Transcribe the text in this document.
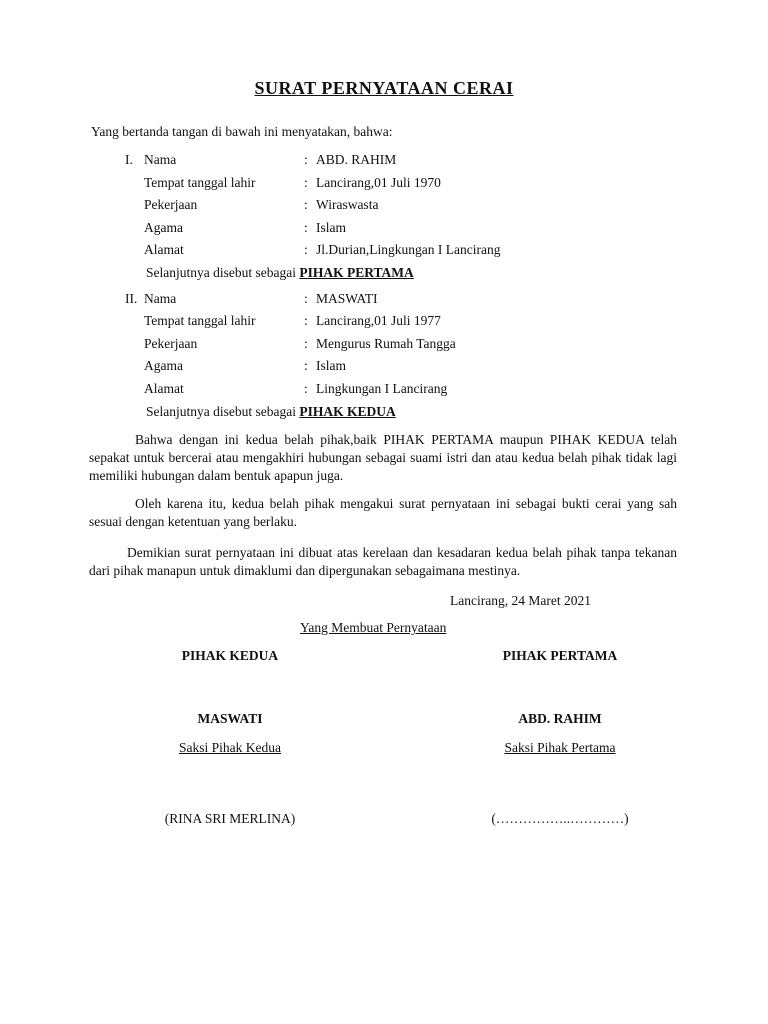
SURAT PERNYATAAN CERAI
Yang bertanda tangan di bawah ini menyatakan, bahwa:
I. Nama	: ABD. RAHIM
Tempat tanggal lahir	: Lancirang,01 Juli 1970
Pekerjaan	: Wiraswasta
Agama	: Islam
Alamat	: Jl.Durian,Lingkungan I Lancirang
Selanjutnya disebut sebagai PIHAK PERTAMA
II. Nama	: MASWATI
Tempat tanggal lahir	: Lancirang,01 Juli 1977
Pekerjaan	: Mengurus Rumah Tangga
Agama	: Islam
Alamat	: Lingkungan I Lancirang
Selanjutnya disebut sebagai PIHAK KEDUA
Bahwa dengan ini kedua belah pihak,baik PIHAK PERTAMA maupun PIHAK KEDUA telah sepakat untuk bercerai atau mengakhiri hubungan sebagai suami istri dan atau kedua belah pihak tidak lagi memiliki hubungan dalam bentuk apapun juga.
Oleh karena itu, kedua belah pihak mengakui surat pernyataan ini sebagai bukti cerai yang sah sesuai dengan ketentuan yang berlaku.
Demikian surat pernyataan ini dibuat atas kerelaan dan kesadaran kedua belah pihak tanpa tekanan dari pihak manapun untuk dimaklumi dan dipergunakan sebagaimana mestinya.
Lancirang, 24 Maret 2021
Yang Membuat Pernyataan
PIHAK KEDUA	PIHAK PERTAMA
MASWATI	ABD. RAHIM
Saksi Pihak Kedua	Saksi Pihak Pertama
(RINA SRI MERLINA)	(……………..…………)
